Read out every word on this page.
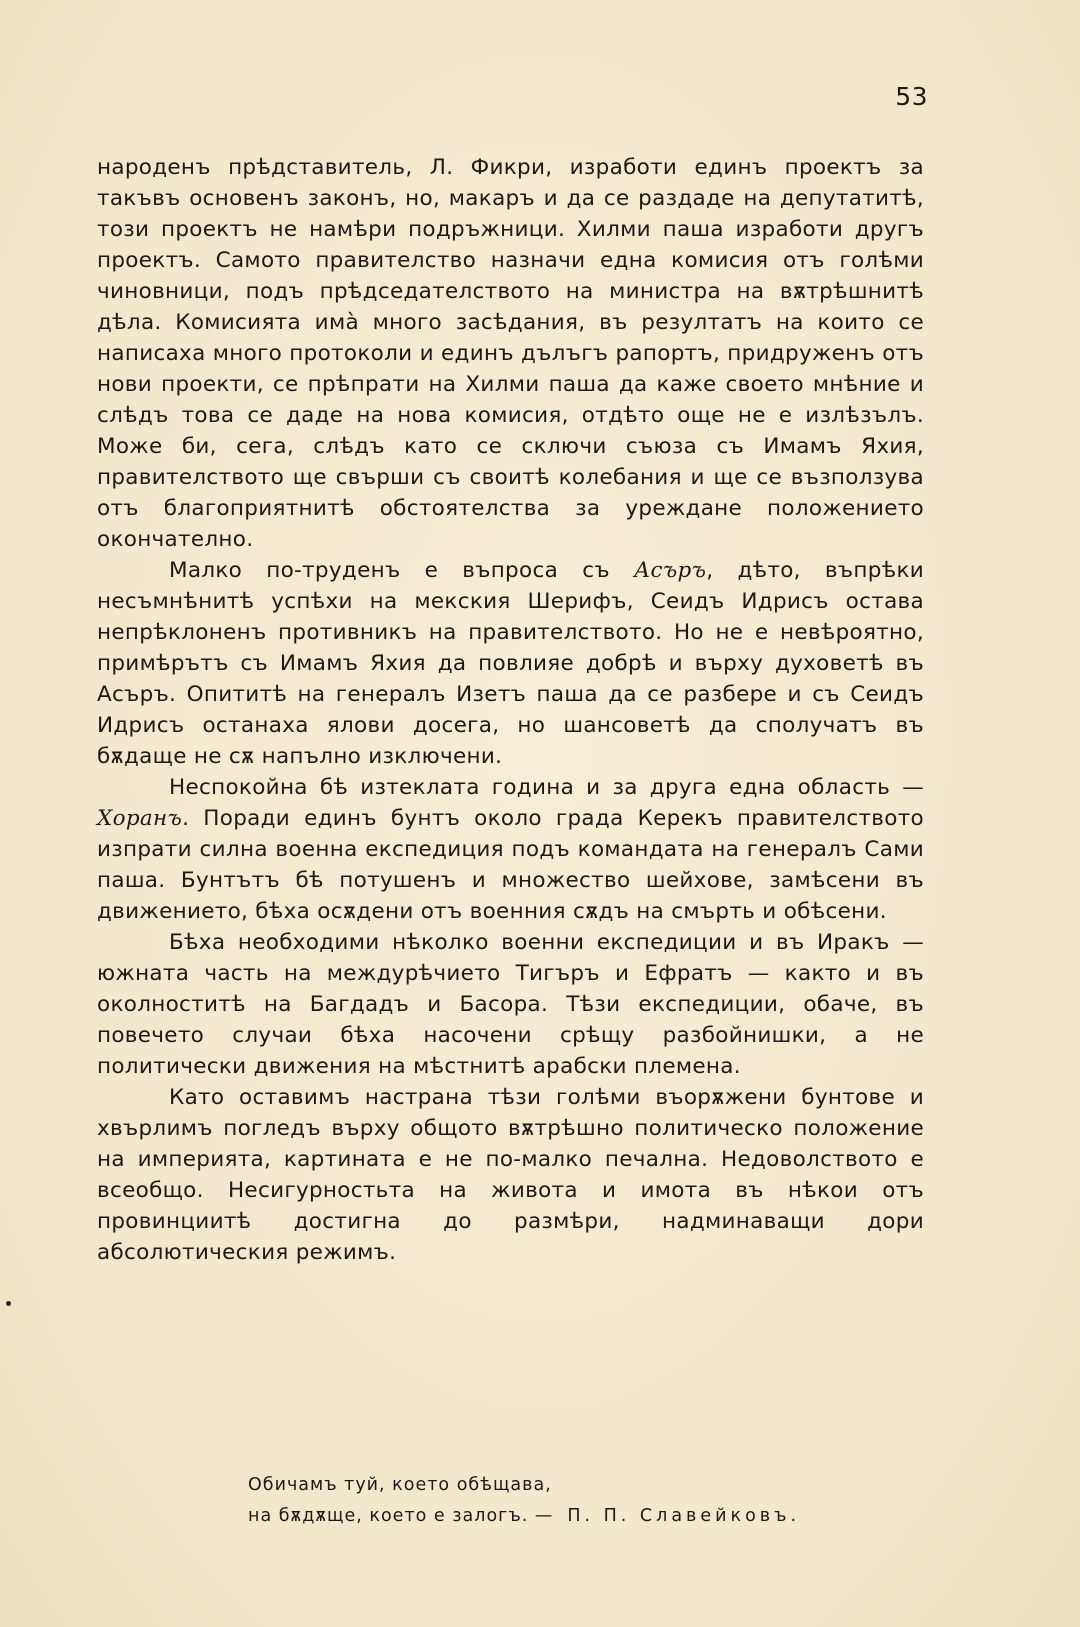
53

народенъ прѣдставитель, Л. Фикри, изработи единъ проектъ за такъвъ основенъ законъ, но, макаръ и да се раздаде на депутатитѣ, този проектъ не намѣри подръжници. Хилми паша изработи другъ проектъ. Самото правителство назначи една комисия отъ голѣми чиновници, подъ прѣдседателството на министра на вѫтрѣшнитѣ дѣла. Комисията имà много засѣдания, въ резултатъ на които се написаха много протоколи и единъ дълъгъ рапортъ, придруженъ отъ нови проекти, се прѣпрати на Хилми паша да каже своето мнѣние и слѣдъ това се даде на нова комисия, отдѣто още не е излѣзълъ. Може би, сега, слѣдъ като се сключи съюза съ Имамъ Яхия, правителството ще свърши съ своитѣ колебания и ще се възползува отъ благоприятнитѣ обстоятелства за уреждане положението окончателно.

Малко по-труденъ е въпроса съ Асъръ, дѣто, въпрѣки несъмнѣнитѣ успѣхи на мекския Шерифъ, Сеидъ Идрисъ остава непрѣклоненъ противникъ на правителството. Но не е невѣроятно, примѣрътъ съ Имамъ Яхия да повлияе добрѣ и върху духоветѣ въ Асъръ. Опититѣ на генералъ Изетъ паша да се разбере и съ Сеидъ Идрисъ останаха ялови досега, но шансоветѣ да сполучатъ въ бѫдаще не сѫ напълно изключени.

Неспокойна бѣ изтеклата година и за друга една область — Хоранъ. Поради единъ бунтъ около града Керекъ правителството изпрати силна военна експедиция подъ командата на генералъ Сами паша. Бунтътъ бѣ потушенъ и множество шейхове, замѣсени въ движението, бѣха осѫдени отъ военния сѫдъ на смърть и обѣсени.

Бѣха необходими нѣколко военни експедиции и въ Иракъ — южната часть на междурѣчието Тигъръ и Ефратъ — както и въ околноститѣ на Багдадъ и Басора. Тѣзи експедиции, обаче, въ повечето случаи бѣха насочени срѣщу разбойнишки, а не политически движения на мѣстнитѣ арабски племена.

Като оставимъ настрана тѣзи голѣми въорѫжени бунтове и хвърлимъ погледъ върху общото вѫтрѣшно политическо положение на империята, картината е не по-малко печална. Недоволството е всеобщо. Несигурностьта на живота и имота въ нѣкои отъ провинциитѣ достигна до размѣри, надминаващи дори абсолютическия режимъ.

Обичамъ туй, което обѣщава,
на бѫдѫще, което е залогъ. — П. П. Славейковъ.
